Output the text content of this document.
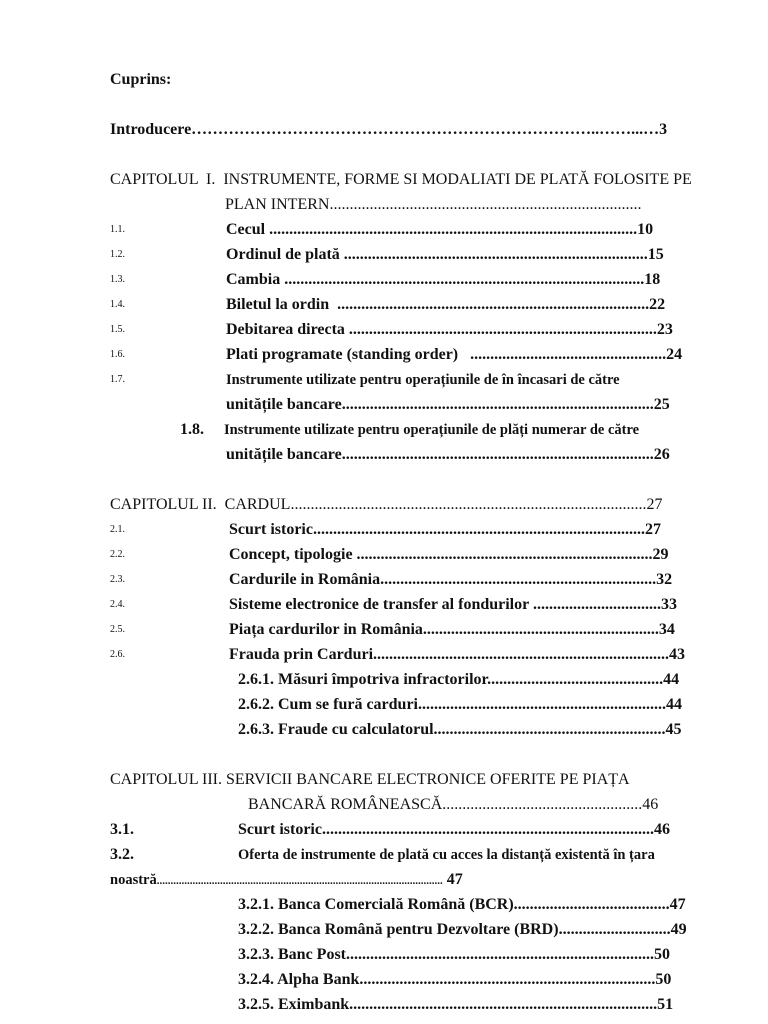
Cuprins:
Introducere…………………………………………………………………..……...…3
CAPITOLUL  I.  INSTRUMENTE, FORME SI MODALIATI DE PLATĂ FOLOSITE PE
PLAN INTERN..............................................................................
1.1.	Cecul ............................................................................................10
1.2.	Ordinul de plată ............................................................................15
1.3.	Cambia ..........................................................................................18
1.4.	Biletul la ordin  ..............................................................................22
1.5.	Debitarea directa .............................................................................23
1.6.	Plati programate (standing order)   .................................................24
1.7.	Instrumente utilizate pentru operațiunile de în încasari de către
unitățile bancare..............................................................................25
1.8. Instrumente utilizate pentru operațiunile de plăți numerar de către
unitățile bancare..............................................................................26
CAPITOLUL II.  CARDUL.........................................................................................27
2.1.	Scurt istoric...................................................................................27
2.2.	Concept, tipologie ..........................................................................29
2.3.	Cardurile in România.....................................................................32
2.4.	Sisteme electronice de transfer al fondurilor ................................33
2.5.	Piața cardurilor in România...........................................................34
2.6.	Frauda prin Carduri..........................................................................43
2.6.1. Măsuri împotriva infractorilor............................................44
2.6.2. Cum se fură carduri..............................................................44
2.6.3. Fraude cu calculatorul..........................................................45
CAPITOLUL III. SERVICII BANCARE ELECTRONICE OFERITE PE PIAȚA
BANCARĂ ROMÂNEASCĂ..................................................46
3.1.	Scurt istoric...................................................................................46
3.2.	Oferta de instrumente de plată cu acces la distanță existentă în țara
noastră........................................................................................................ 47
3.2.1. Banca Comercială Română (BCR).......................................47
3.2.2. Banca Română pentru Dezvoltare (BRD)............................49
3.2.3. Banc Post.............................................................................50
3.2.4. Alpha Bank..........................................................................50
3.2.5. Eximbank.............................................................................51
